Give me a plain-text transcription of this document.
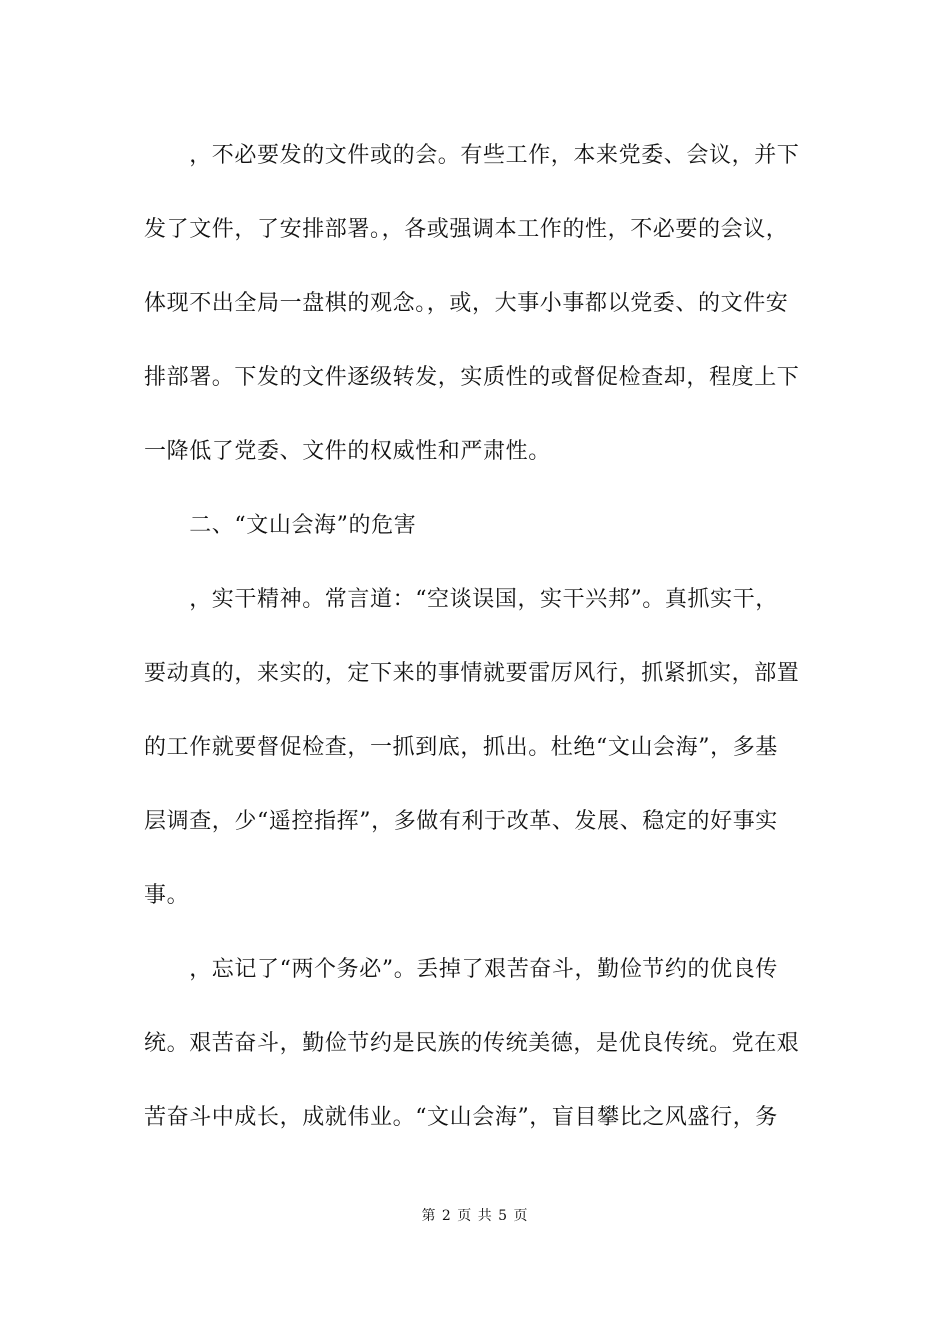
　　，不必要发的文件或的会。有些工作，本来党委、会议，并下
发了文件，了安排部署。，各或强调本工作的性，不必要的会议，
体现不出全局一盘棋的观念。，或，大事小事都以党委、的文件安
排部署。下发的文件逐级转发，实质性的或督促检查却，程度上下
一降低了党委、文件的权威性和严肃性。
　　二、“文山会海”的危害
　　，实干精神。常言道：“空谈误国，实干兴邦”。真抓实干，
要动真的，来实的，定下来的事情就要雷厉风行，抓紧抓实，部置
的工作就要督促检查，一抓到底，抓出。杜绝“文山会海”，多基
层调查，少“遥控指挥”，多做有利于改革、发展、稳定的好事实
事。
　　，忘记了“两个务必”。丢掉了艰苦奋斗，勤俭节约的优良传
统。艰苦奋斗，勤俭节约是民族的传统美德，是优良传统。党在艰
苦奋斗中成长，成就伟业。“文山会海”，盲目攀比之风盛行，务
第 2 页 共 5 页
